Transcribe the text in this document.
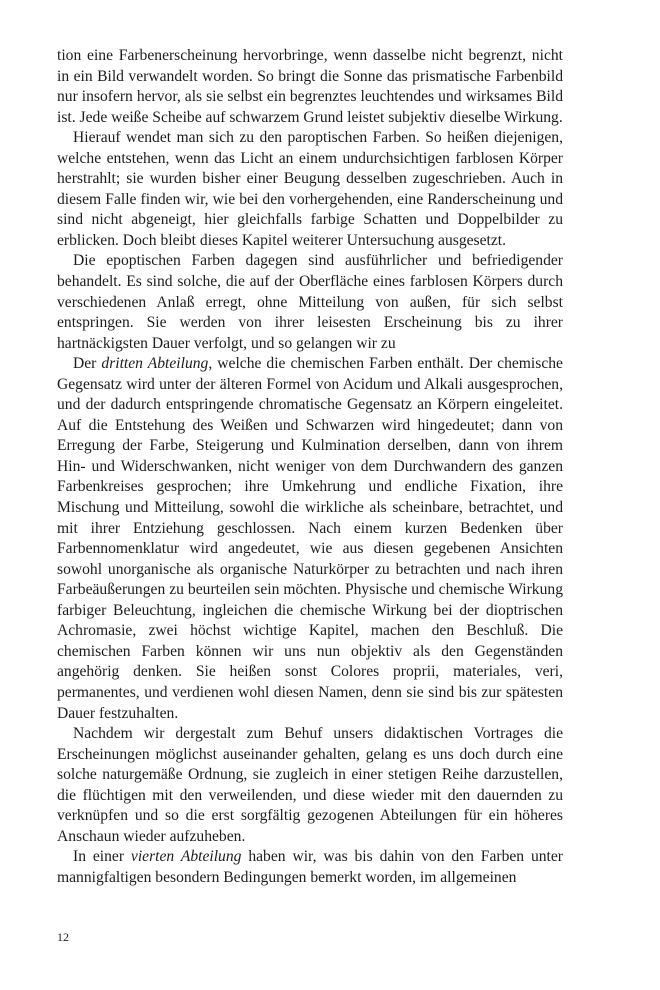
tion eine Farbenerscheinung hervorbringe, wenn dasselbe nicht begrenzt, nicht in ein Bild verwandelt worden. So bringt die Sonne das prismatische Farbenbild nur insofern hervor, als sie selbst ein begrenztes leuchtendes und wirksames Bild ist. Jede weiße Scheibe auf schwarzem Grund leistet subjektiv dieselbe Wirkung.

Hierauf wendet man sich zu den paroptischen Farben. So heißen diejenigen, welche entstehen, wenn das Licht an einem undurchsichtigen farblosen Körper herstrahlt; sie wurden bisher einer Beugung desselben zugeschrieben. Auch in diesem Falle finden wir, wie bei den vorhergehenden, eine Randerscheinung und sind nicht abgeneigt, hier gleichfalls farbige Schatten und Doppelbilder zu erblicken. Doch bleibt dieses Kapitel weiterer Untersuchung ausgesetzt.

Die epoptischen Farben dagegen sind ausführlicher und befriedigender behandelt. Es sind solche, die auf der Oberfläche eines farblosen Körpers durch verschiedenen Anlaß erregt, ohne Mitteilung von außen, für sich selbst entspringen. Sie werden von ihrer leisesten Erscheinung bis zu ihrer hartnäckigsten Dauer verfolgt, und so gelangen wir zu

Der dritten Abteilung, welche die chemischen Farben enthält. Der chemische Gegensatz wird unter der älteren Formel von Acidum und Alkali ausgesprochen, und der dadurch entspringende chromatische Gegensatz an Körpern eingeleitet. Auf die Entstehung des Weißen und Schwarzen wird hingedeutet; dann von Erregung der Farbe, Steigerung und Kulmination derselben, dann von ihrem Hin- und Widerschwanken, nicht weniger von dem Durchwandern des ganzen Farbenkreises gesprochen; ihre Umkehrung und endliche Fixation, ihre Mischung und Mitteilung, sowohl die wirkliche als scheinbare, betrachtet, und mit ihrer Entziehung geschlossen. Nach einem kurzen Bedenken über Farbennomenklatur wird angedeutet, wie aus diesen gegebenen Ansichten sowohl unorganische als organische Naturkörper zu betrachten und nach ihren Farbeäußerungen zu beurteilen sein möchten. Physische und chemische Wirkung farbiger Beleuchtung, ingleichen die chemische Wirkung bei der dioptrischen Achromasie, zwei höchst wichtige Kapitel, machen den Beschluß. Die chemischen Farben können wir uns nun objektiv als den Gegenständen angehörig denken. Sie heißen sonst Colores proprii, materiales, veri, permanentes, und verdienen wohl diesen Namen, denn sie sind bis zur spätesten Dauer festzuhalten.

Nachdem wir dergestalt zum Behuf unsers didaktischen Vortrages die Erscheinungen möglichst auseinander gehalten, gelang es uns doch durch eine solche naturgemäße Ordnung, sie zugleich in einer stetigen Reihe darzustellen, die flüchtigen mit den verweilenden, und diese wieder mit den dauernden zu verknüpfen und so die erst sorgfältig gezogenen Abteilungen für ein höheres Anschaun wieder aufzuheben.

In einer vierten Abteilung haben wir, was bis dahin von den Farben unter mannigfaltigen besondern Bedingungen bemerkt worden, im allgemeinen

12
